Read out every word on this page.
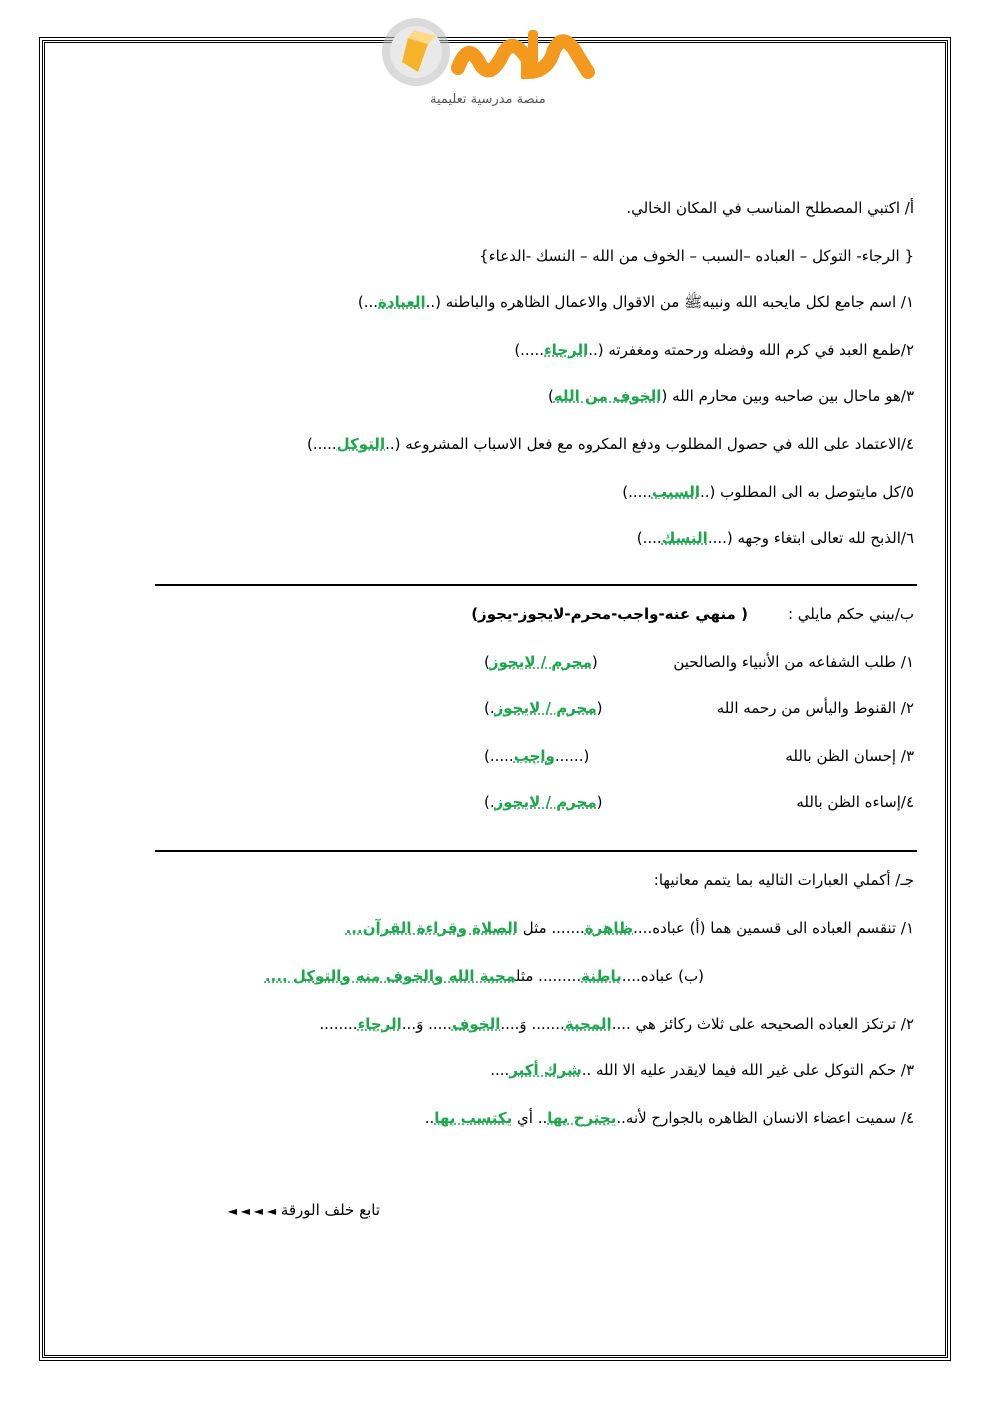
منصة مدرسية تعليمية
أ/ اكتبي المصطلح المناسب في المكان الخالي.
{ الرجاء- التوكل – العباده –السبب – الخوف من الله – النسك -الدعاء}
١/ اسم جامع لكل مايحبه الله ونبيهﷺ من الاقوال والاعمال الظاهره والباطنه (..العبادة...)
٢/طمع العبد في كرم الله وفضله ورحمته ومغفرته (..الرجاء.....)
٣/هو ماحال بين صاحبه وبين محارم الله (الخوف من الله)
٤/الاعتماد على الله في حصول المطلوب ودفع المكروه مع فعل الاسباب المشروعه (..التوكل.....)
٥/كل مايتوصل به الى المطلوب (..السبب.....)
٦/الذبح لله تعالى ابتغاء وجهه (....النسك....)
ب/بيني حكم مايلي :( منهي عنه-واجب-محرم-لايجوز-يجوز)
١/ طلب الشفاعه من الأنبياء والصالحين
(محرم / لايجوز)
٢/ القنوط واليأس من رحمه الله
(محرم / لايجوز.)
٣/ إحسان الظن بالله
(......واجب.....)
٤/إساءه الظن بالله
(محرم / لايجوز.)
جـ/ أكملي العبارات التاليه بما يتمم معانيها:
١/ تنقسم العباده الى قسمين هما (أ) عباده....ظاهرة....... مثل الصلاة وقراءة القرآن...
(ب) عباده....باطنة......... مثلمحبة الله والخوف منه والتوكل ....
٢/ ترتكز العباده الصحيحه على ثلاث ركائز هي ....المحبة....... وَ....الخوف..... وَ...الرجاء........
٣/ حكم التوكل على غير الله فيما لايقدر عليه الا الله ..شرك أكبر....
٤/ سميت اعضاء الانسان الظاهره بالجوارح لأنه..يجترح بها.. أي يكتسب بها..
تابع خلف الورقة ◄ ◄ ◄ ◄
